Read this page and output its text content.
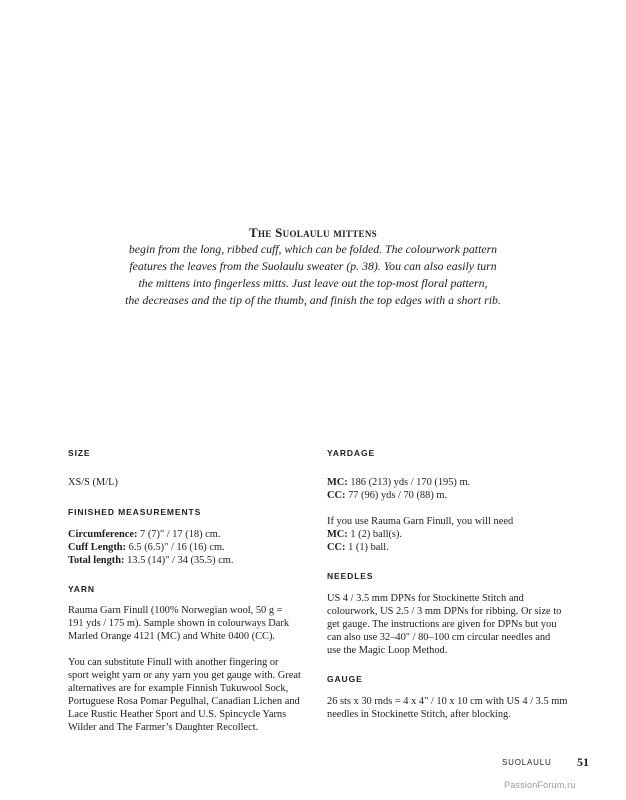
The Suolaulu mittens
begin from the long, ribbed cuff, which can be folded. The colourwork pattern
features the leaves from the Suolaulu sweater (p. 38). You can also easily turn
the mittens into fingerless mitts. Just leave out the top-most floral pattern,
the decreases and the tip of the thumb, and finish the top edges with a short rib.
SIZE
XS/S (M/L)
FINISHED MEASUREMENTS
Circumference: 7 (7)" / 17 (18) cm.
Cuff Length: 6.5 (6.5)" / 16 (16) cm.
Total length: 13.5 (14)" / 34 (35.5) cm.
YARN
Rauma Garn Finull (100% Norwegian wool, 50 g =
191 yds / 175 m). Sample shown in colourways Dark
Marled Orange 4121 (MC) and White 0400 (CC).
You can substitute Finull with another fingering or
sport weight yarn or any yarn you get gauge with. Great
alternatives are for example Finnish Tukuwool Sock,
Portuguese Rosa Pomar Pegulhal, Canadian Lichen and
Lace Rustic Heather Sport and U.S. Spincycle Yarns
Wilder and The Farmer’s Daughter Recollect.
YARDAGE
MC: 186 (213) yds / 170 (195) m.
CC: 77 (96) yds / 70 (88) m.
If you use Rauma Garn Finull, you will need
MC: 1 (2) ball(s).
CC: 1 (1) ball.
NEEDLES
US 4 / 3.5 mm DPNs for Stockinette Stitch and
colourwork, US 2.5 / 3 mm DPNs for ribbing. Or size to
get gauge. The instructions are given for DPNs but you
can also use 32–40" / 80–100 cm circular needles and
use the Magic Loop Method.
GAUGE
26 sts x 30 rnds = 4 x 4" / 10 x 10 cm with US 4 / 3.5 mm
needles in Stockinette Stitch, after blocking.
SUOLAULU 51
PassionForum.ru
